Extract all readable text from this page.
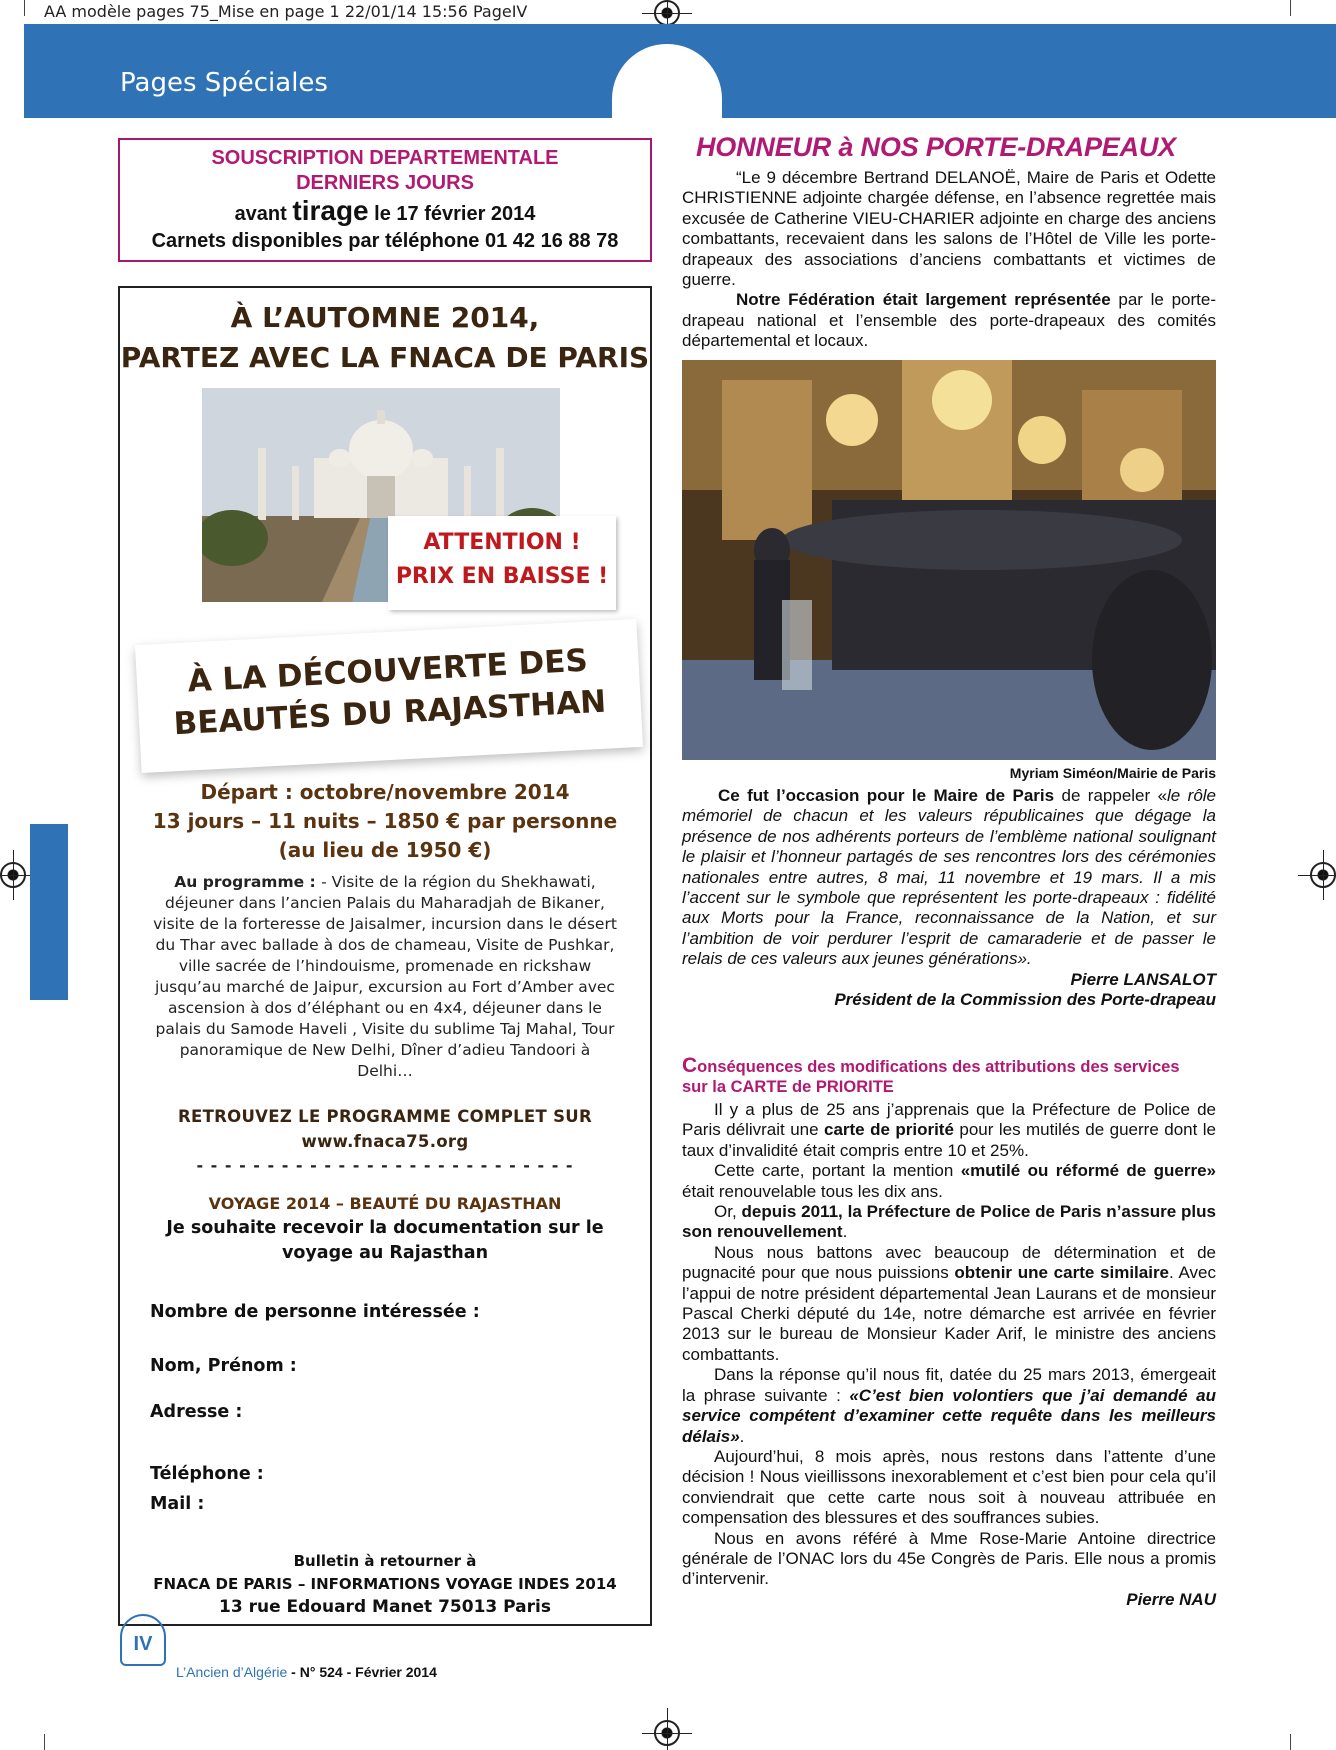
AA modèle pages 75_Mise en page 1 22/01/14 15:56 PageIV
Pages Spéciales
SOUSCRIPTION DEPARTEMENTALE
DERNIERS JOURS
avant tirage le 17 février 2014
Carnets disponibles par téléphone 01 42 16 88 78
À L’AUTOMNE 2014,
PARTEZ AVEC LA FNACA DE PARIS
ATTENTION !
PRIX EN BAISSE !
À LA DÉCOUVERTE DES
BEAUTÉS DU RAJASTHAN
Départ : octobre/novembre 2014
13 jours – 11 nuits – 1850 € par personne
(au lieu de 1950 €)
Au programme : - Visite de la région du Shekhawati, déjeuner dans l’ancien Palais du Maharadjah de Bikaner, visite de la forteresse de Jaisalmer, incursion dans le désert du Thar avec ballade à dos de chameau, Visite de Pushkar, ville sacrée de l’hindouisme, promenade en rickshaw jusqu’au marché de Jaipur, excursion au Fort d’Amber avec ascension à dos d’éléphant ou en 4x4, déjeuner dans le palais du Samode Haveli , Visite du sublime Taj Mahal, Tour panoramique de New Delhi, Dîner d’adieu Tandoori à Delhi…
RETROUVEZ LE PROGRAMME COMPLET SUR
www.fnaca75.org
- - - - - - - - - - - - - - - - - - - - - - - - - - -
VOYAGE 2014 – BEAUTÉ DU RAJASTHAN
Je souhaite recevoir la documentation sur le
voyage au Rajasthan
Nombre de personne intéressée :
Nom, Prénom :
Adresse :
Téléphone :
Mail :
Bulletin à retourner à
FNACA DE PARIS – INFORMATIONS VOYAGE INDES 2014
13 rue Edouard Manet 75013 Paris
HONNEUR à NOS PORTE-DRAPEAUX

“Le 9 décembre Bertrand DELANOË, Maire de Paris et Odette CHRISTIENNE adjointe chargée défense, en l’absence regrettée mais excusée de Catherine VIEU-CHARIER adjointe en charge des anciens combattants, recevaient dans les salons de l’Hôtel de Ville les porte-drapeaux des associations d’anciens combattants et victimes de guerre.

Notre Fédération était largement représentée par le porte-drapeau national et l’ensemble des porte-drapeaux des comités départemental et locaux.

Myriam Siméon/Mairie de Paris

Ce fut l’occasion pour le Maire de Paris de rappeler «le rôle mémoriel de chacun et les valeurs républicaines que dégage la présence de nos adhérents porteurs de l’emblème national soulignant le plaisir et l’honneur partagés de ses rencontres lors des cérémonies nationales entre autres, 8 mai, 11 novembre et 19 mars. Il a mis l’accent sur le symbole que représentent les porte-drapeaux : fidélité aux Morts pour la France, reconnaissance de la Nation, et sur l’ambition de voir perdurer l’esprit de camaraderie et de passer le relais de ces valeurs aux jeunes générations».

Pierre LANSALOT
Président de la Commission des Porte-drapeau
Conséquences des modifications des attributions des services
sur la CARTE de PRIORITE

Il y a plus de 25 ans j’apprenais que la Préfecture de Police de Paris délivrait une carte de priorité pour les mutilés de guerre dont le taux d’invalidité était compris entre 10 et 25%.

Cette carte, portant la mention «mutilé ou réformé de guerre» était renouvelable tous les dix ans.

Or, depuis 2011, la Préfecture de Police de Paris n’assure plus son renouvellement.

Nous nous battons avec beaucoup de détermination et de pugnacité pour que nous puissions obtenir une carte similaire. Avec l’appui de notre président départemental Jean Laurans et de monsieur Pascal Cherki député du 14e, notre démarche est arrivée en février 2013 sur le bureau de Monsieur Kader Arif, le ministre des anciens combattants.

Dans la réponse qu’il nous fit, datée du 25 mars 2013, émergeait la phrase suivante : «C’est bien volontiers que j’ai demandé au service compétent d’examiner cette requête dans les meilleurs délais».

Aujourd’hui, 8 mois après, nous restons dans l’attente d’une décision ! Nous vieillissons inexorablement et c’est bien pour cela qu’il conviendrait que cette carte nous soit à nouveau attribuée en compensation des blessures et des souffrances subies.

Nous en avons référé à Mme Rose-Marie Antoine directrice générale de l’ONAC lors du 45e Congrès de Paris. Elle nous a promis d’intervenir.

Pierre NAU
IV
L’Ancien d’Algérie - N° 524 - Février 2014
